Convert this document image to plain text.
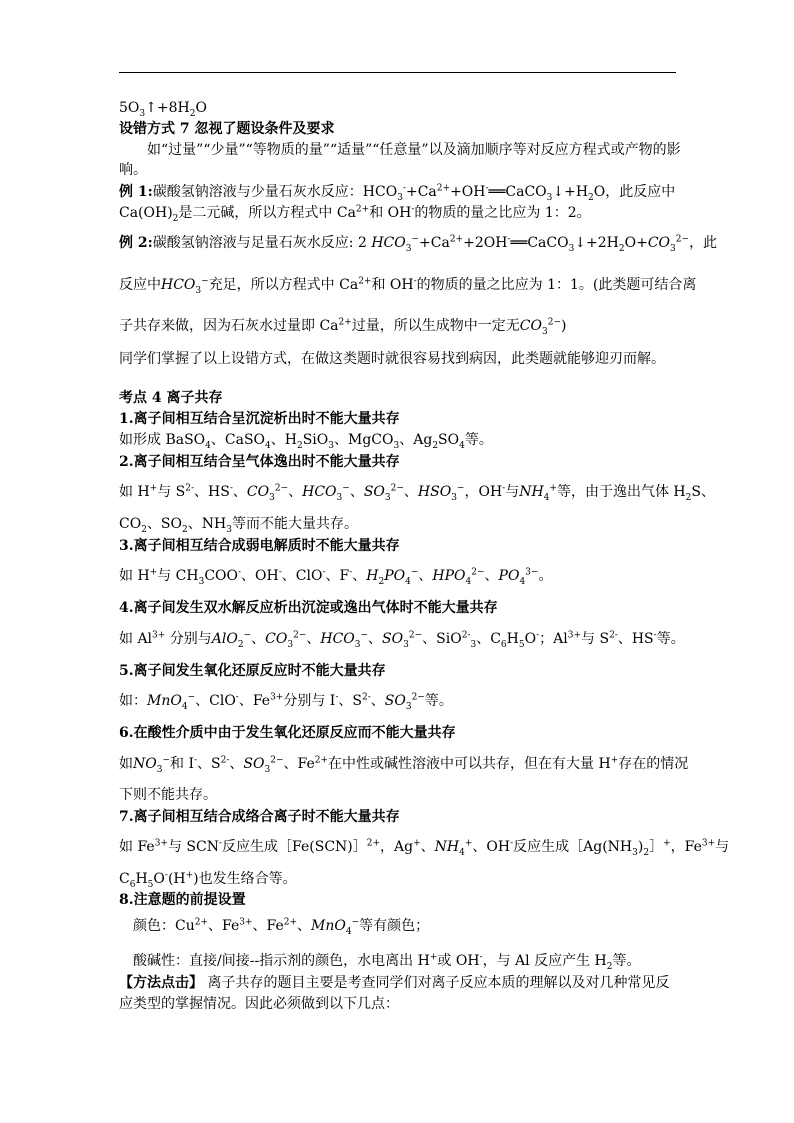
$5O_3↑+8H_2O$
设错方式 7 忽视了题设条件及要求
如“过量”“少量”“等物质的量”“适量”“任意量”以及滴加顺序等对反应方程式或产物的影
响。
例 1:碳酸氢钠溶液与少量石灰水反应：$HCO_3^-+Ca^{2+}+OH^-══CaCO_3↓+H_2O$，此反应中
$Ca(OH)_2$是二元碱，所以方程式中 $Ca^{2+}$和 OH-的物质的量之比应为 1：2。
例 2:碳酸氢钠溶液与足量石灰水反应: 2 $HCO_3^-+Ca^{2+}+2OH^-══CaCO_3↓+2H_2O+CO_3^{2-}$，此
反应中$HCO_3^-$充足，所以方程式中 $Ca^{2+}$和 OH-的物质的量之比应为 1：1。(此类题可结合离
子共存来做，因为石灰水过量即 $Ca^{2+}$过量，所以生成物中一定无$CO_3^{2-}$)
同学们掌握了以上设错方式，在做这类题时就很容易找到病因，此类题就能够迎刃而解。
考点 4 离子共存
1.离子间相互结合呈沉淀析出时不能大量共存
如形成 BaSO$_4$、CaSO$_4$、$H_2SiO_3$、MgCO$_3$、$Ag_2SO_4$等。
2.离子间相互结合呈气体逸出时不能大量共存
如 H+与 $S^{2-}$、HS-、$CO_3^{2-}$、$HCO_3^-$、$SO_3^{2-}$、$HSO_3^-$，OH-与$NH_4^+$等，由于逸出气体 $H_2S$、
$CO_2$、$SO_2$、$NH_3$等而不能大量共存。
3.离子间相互结合成弱电解质时不能大量共存
如 H+与 $CH_3COO^-$、OH-、ClO-、F-、$H_2PO_4^-$、$HPO_4^{2-}$、$PO_4^{3-}$。
4.离子间发生双水解反应析出沉淀或逸出气体时不能大量共存
如 $Al^{3+}$ 分别与AlO$_2$−、$CO_3^{2-}$、$HCO_3^-$、$SO_3^{2-}$、SiO$^{2-}_3$、$C_6H_5O^-$；$Al^{3+}$与 $S^{2-}$、HS-等。
5.离子间发生氧化还原反应时不能大量共存
如：MnO$_4$−、ClO-、$Fe^{3+}$分别与 I-、$S^{2-}$、$SO_3^{2-}$等。
6.在酸性介质中由于发生氧化还原反应而不能大量共存
如$NO_3^-$和 I-、$S^{2-}$、$SO_3^{2-}$、$Fe^{2+}$在中性或碱性溶液中可以共存，但在有大量 H+存在的情况
下则不能共存。
7.离子间相互结合成络合离子时不能大量共存
如 $Fe^{3+}$与 SCN-反应生成［Fe(SCN)］$^{2+}$，Ag+、$NH_4^+$、OH-反应生成$[Ag(NH_3)_2]^+$，$Fe^{3+}$与
$C_6H_5O^-(H^+)$也发生络合等。
8.注意题的前提设置
颜色：$Cu^{2+}$、$Fe^{3+}$、$Fe^{2+}$、MnO$_4$−等有颜色；
酸碱性：直接/间接--指示剂的颜色，水电离出 H+或 OH-，与 Al 反应产生 $H_2$等。
【方法点击】 离子共存的题目主要是考查同学们对离子反应本质的理解以及对几种常见反
应类型的掌握情况。因此必须做到以下几点：
